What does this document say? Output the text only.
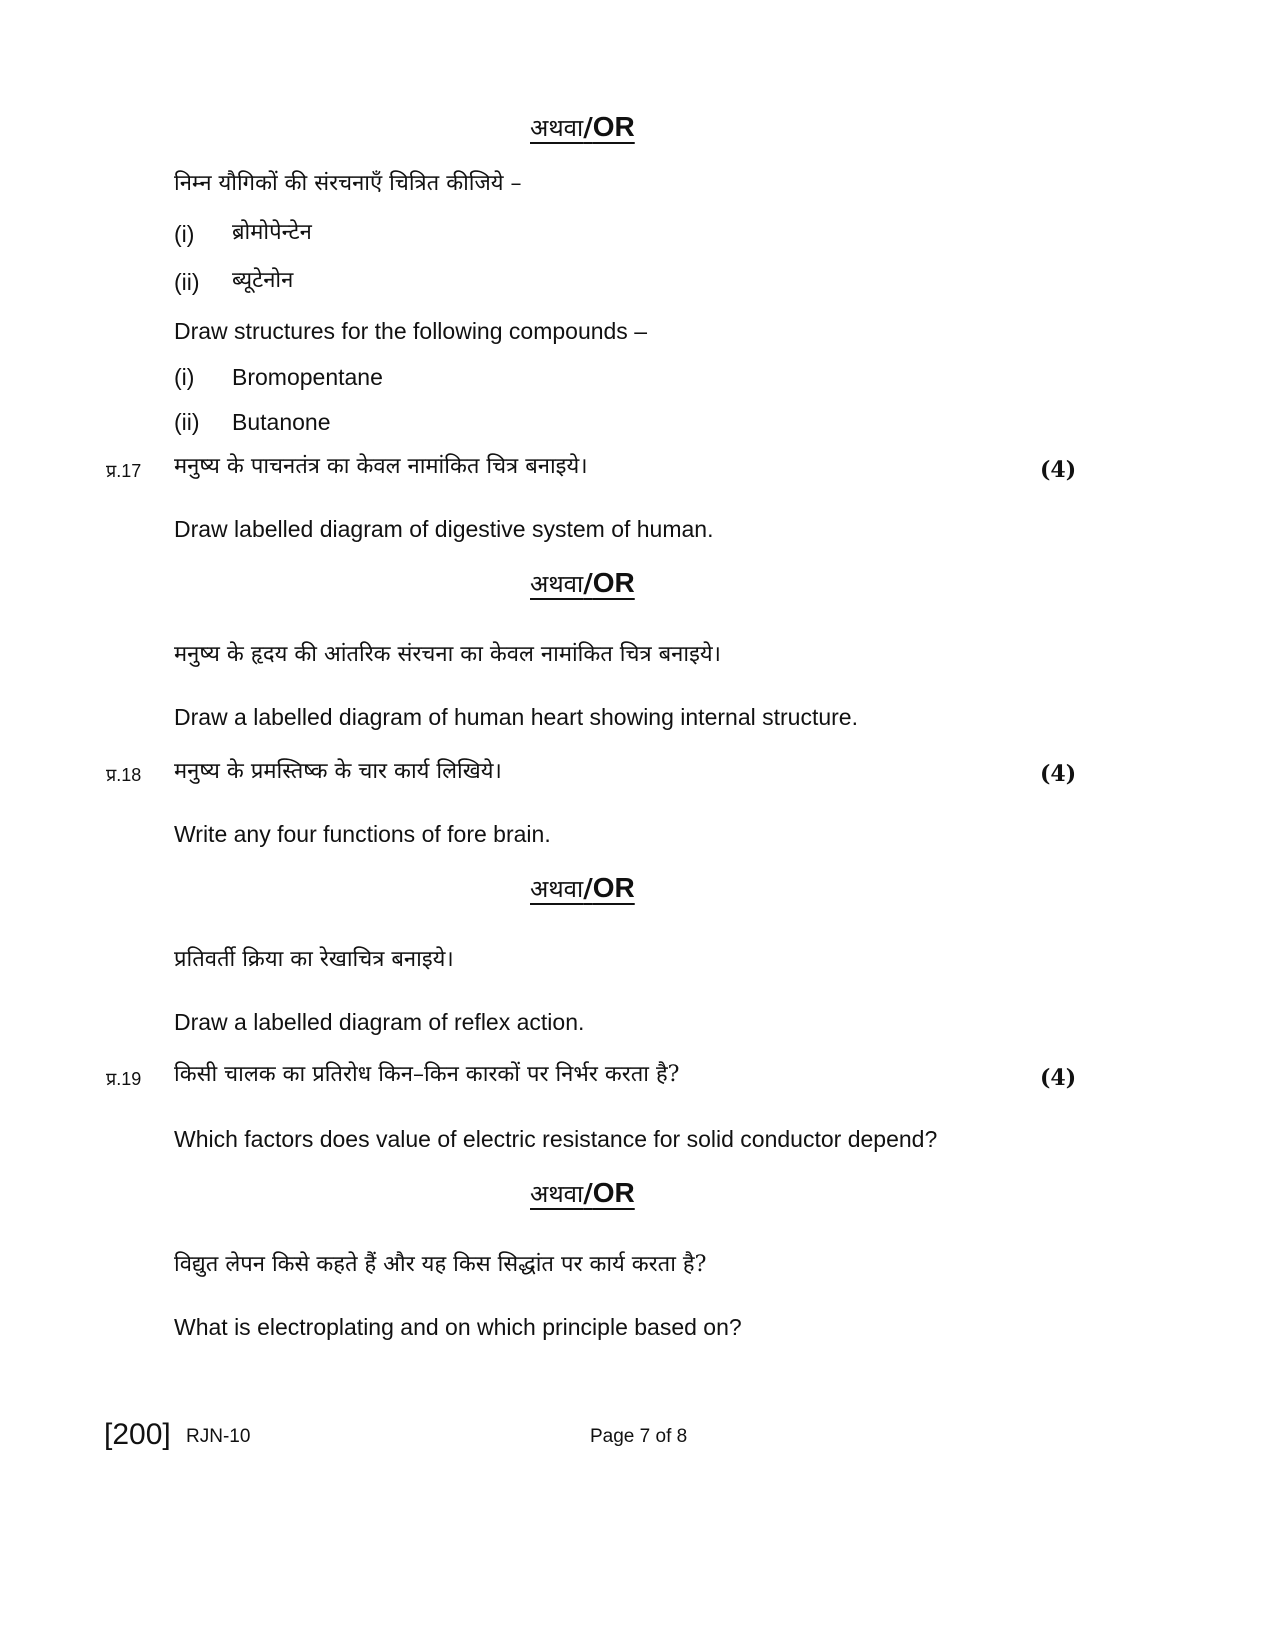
अथवा/OR
निम्न यौगिकों की संरचनाएँ चित्रित कीजिये –
(i) ब्रोमोपेन्टेन
(ii) ब्यूटेनोन
Draw structures for the following compounds –
(i) Bromopentane
(ii) Butanone
प्र.17 मनुष्य के पाचनतंत्र का केवल नामांकित चित्र बनाइये।	(4)
Draw labelled diagram of digestive system of human.
अथवा/OR
मनुष्य के हृदय की आंतरिक संरचना का केवल नामांकित चित्र बनाइये।
Draw a labelled diagram of human heart showing internal structure.
प्र.18 मनुष्य के प्रमस्तिष्क के चार कार्य लिखिये।	(4)
Write any four functions of fore brain.
अथवा/OR
प्रतिवर्ती क्रिया का रेखाचित्र बनाइये।
Draw a labelled diagram of reflex action.
प्र.19 किसी चालक का प्रतिरोध किन–किन कारकों पर निर्भर करता है?	(4)
Which factors does value of electric resistance for solid conductor depend?
अथवा/OR
विद्युत लेपन किसे कहते हैं और यह किस सिद्धांत पर कार्य करता है?
What is electroplating and on which principle based on?
[200] RJN-10	Page 7 of 8
